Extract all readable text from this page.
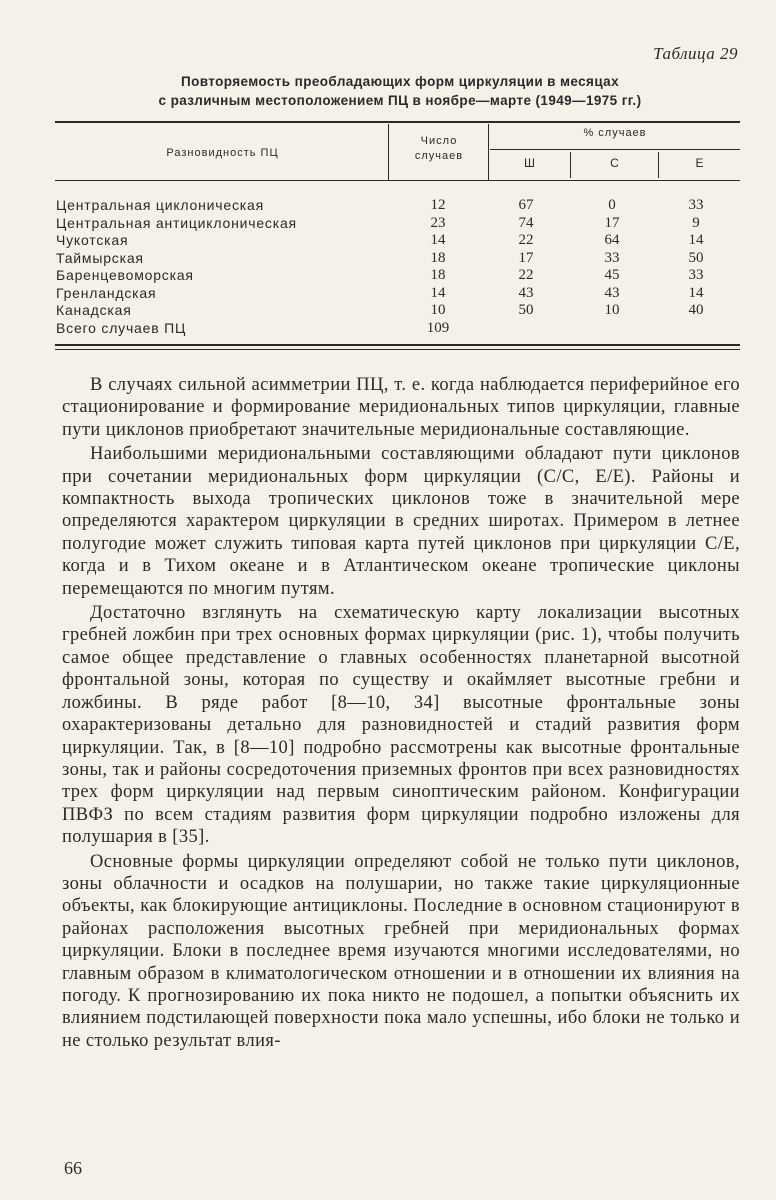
Таблица 29
Повторяемость преобладающих форм циркуляции в месяцах
с различным местоположением ПЦ в ноябре—марте (1949—1975 гг.)
Разновидность ПЦ
Число
случаев
% случаев
Ш	С	Е
Центральная циклоническая	12	67	0	33
Центральная антициклоническая	23	74	17	9
Чукотская	14	22	64	14
Таймырская	18	17	33	50
Баренцевоморская	18	22	45	33
Гренландская	14	43	43	14
Канадская	10	50	10	40
Всего случаев ПЦ	109

В случаях сильной асимметрии ПЦ, т. е. когда наблюдается периферийное его стационирование и формирование меридиональных типов циркуляции, главные пути циклонов приобретают значительные меридиональные составляющие.

Наибольшими меридиональными составляющими обладают пути циклонов при сочетании меридиональных форм циркуляции (С/С, Е/Е). Районы и компактность выхода тропических циклонов тоже в значительной мере определяются характером циркуляции в средних широтах. Примером в летнее полугодие может служить типовая карта путей циклонов при циркуляции С/Е, когда и в Тихом океане и в Атлантическом океане тропические циклоны перемещаются по многим путям.

Достаточно взглянуть на схематическую карту локализации высотных гребней ложбин при трех основных формах циркуляции (рис. 1), чтобы получить самое общее представление о главных особенностях планетарной высотной фронтальной зоны, которая по существу и окаймляет высотные гребни и ложбины. В ряде работ [8—10, 34] высотные фронтальные зоны охарактеризованы детально для разновидностей и стадий развития форм циркуляции. Так, в [8—10] подробно рассмотрены как высотные фронтальные зоны, так и районы сосредоточения приземных фронтов при всех разновидностях трех форм циркуляции над первым синоптическим районом. Конфигурации ПВФЗ по всем стадиям развития форм циркуляции подробно изложены для полушария в [35].

Основные формы циркуляции определяют собой не только пути циклонов, зоны облачности и осадков на полушарии, но также такие циркуляционные объекты, как блокирующие антициклоны. Последние в основном стационируют в районах расположения высотных гребней при меридиональных формах циркуляции. Блоки в последнее время изучаются многими исследователями, но главным образом в климатологическом отношении и в отношении их влияния на погоду. К прогнозированию их пока никто не подошел, а попытки объяснить их влиянием подстилающей поверхности пока мало успешны, ибо блоки не только и не столько результат влия-

66
